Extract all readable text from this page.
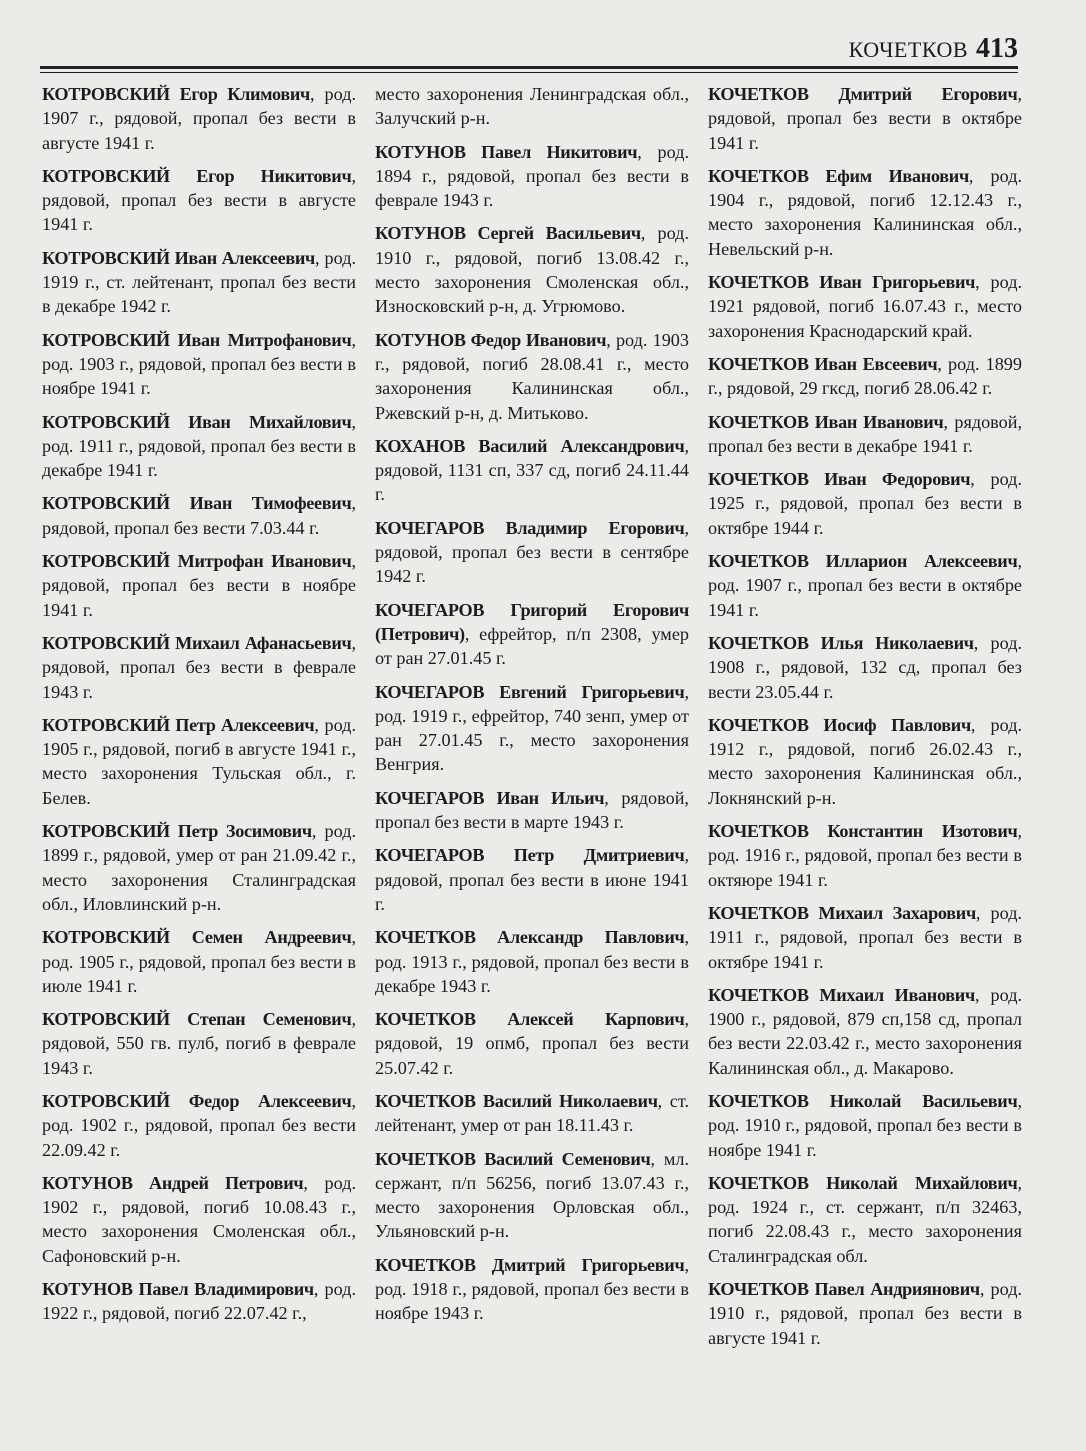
КОЧЕТКОВ 413

КОТРОВСКИЙ Егор Климович, род. 1907 г., рядовой, пропал без вести в августе 1941 г.

КОТРОВСКИЙ Егор Никитович, рядовой, пропал без вести в августе 1941 г.

КОТРОВСКИЙ Иван Алексеевич, род. 1919 г., ст. лейтенант, пропал без вести в декабре 1942 г.

КОТРОВСКИЙ Иван Митрофанович, род. 1903 г., рядовой, пропал без вести в ноябре 1941 г.

КОТРОВСКИЙ Иван Михайлович, род. 1911 г., рядовой, пропал без вести в декабре 1941 г.

КОТРОВСКИЙ Иван Тимофеевич, рядовой, пропал без вести 7.03.44 г.

КОТРОВСКИЙ Митрофан Иванович, рядовой, пропал без вести в ноябре 1941 г.

КОТРОВСКИЙ Михаил Афанасьевич, рядовой, пропал без вести в феврале 1943 г.

КОТРОВСКИЙ Петр Алексеевич, род. 1905 г., рядовой, погиб в августе 1941 г., место захоронения Тульская обл., г. Белев.

КОТРОВСКИЙ Петр Зосимович, род. 1899 г., рядовой, умер от ран 21.09.42 г., место захоронения Сталинградская обл., Иловлинский р-н.

КОТРОВСКИЙ Семен Андреевич, род. 1905 г., рядовой, пропал без вести в июле 1941 г.

КОТРОВСКИЙ Степан Семенович, рядовой, 550 гв. пулб, погиб в феврале 1943 г.

КОТРОВСКИЙ Федор Алексеевич, род. 1902 г., рядовой, пропал без вести 22.09.42 г.

КОТУНОВ Андрей Петрович, род. 1902 г., рядовой, погиб 10.08.43 г., место захоронения Смоленская обл., Сафоновский р-н.

КОТУНОВ Павел Владимирович, род. 1922 г., рядовой, погиб 22.07.42 г.,

место захоронения Ленинградская обл., Залучский р-н.

КОТУНОВ Павел Никитович, род. 1894 г., рядовой, пропал без вести в феврале 1943 г.

КОТУНОВ Сергей Васильевич, род. 1910 г., рядовой, погиб 13.08.42 г., место захоронения Смоленская обл., Износковский р-н, д. Угрюмово.

КОТУНОВ Федор Иванович, род. 1903 г., рядовой, погиб 28.08.41 г., место захоронения Калининская обл., Ржевский р-н, д. Митьково.

КОХАНОВ Василий Александрович, рядовой, 1131 сп, 337 сд, погиб 24.11.44 г.

КОЧЕГАРОВ Владимир Егорович, рядовой, пропал без вести в сентябре 1942 г.

КОЧЕГАРОВ Григорий Егорович (Петрович), ефрейтор, п/п 2308, умер от ран 27.01.45 г.

КОЧЕГАРОВ Евгений Григорьевич, род. 1919 г., ефрейтор, 740 зенп, умер от ран 27.01.45 г., место захоронения Венгрия.

КОЧЕГАРОВ Иван Ильич, рядовой, пропал без вести в марте 1943 г.

КОЧЕГАРОВ Петр Дмитриевич, рядовой, пропал без вести в июне 1941 г.

КОЧЕТКОВ Александр Павлович, род. 1913 г., рядовой, пропал без вести в декабре 1943 г.

КОЧЕТКОВ Алексей Карпович, рядовой, 19 опмб, пропал без вести 25.07.42 г.

КОЧЕТКОВ Василий Николаевич, ст. лейтенант, умер от ран 18.11.43 г.

КОЧЕТКОВ Василий Семенович, мл. сержант, п/п 56256, погиб 13.07.43 г., место захоронения Орловская обл., Ульяновский р-н.

КОЧЕТКОВ Дмитрий Григорьевич, род. 1918 г., рядовой, пропал без вести в ноябре 1943 г.

КОЧЕТКОВ Дмитрий Егорович, рядовой, пропал без вести в октябре 1941 г.

КОЧЕТКОВ Ефим Иванович, род. 1904 г., рядовой, погиб 12.12.43 г., место захоронения Калининская обл., Невельский р-н.

КОЧЕТКОВ Иван Григорьевич, род. 1921 рядовой, погиб 16.07.43 г., место захоронения Краснодарский край.

КОЧЕТКОВ Иван Евсеевич, род. 1899 г., рядовой, 29 гксд, погиб 28.06.42 г.

КОЧЕТКОВ Иван Иванович, рядовой, пропал без вести в декабре 1941 г.

КОЧЕТКОВ Иван Федорович, род. 1925 г., рядовой, пропал без вести в октябре 1944 г.

КОЧЕТКОВ Илларион Алексеевич, род. 1907 г., пропал без вести в октябре 1941 г.

КОЧЕТКОВ Илья Николаевич, род. 1908 г., рядовой, 132 сд, пропал без вести 23.05.44 г.

КОЧЕТКОВ Иосиф Павлович, род. 1912 г., рядовой, погиб 26.02.43 г., место захоронения Калининская обл., Локнянский р-н.

КОЧЕТКОВ Константин Изотович, род. 1916 г., рядовой, пропал без вести в октяюре 1941 г.

КОЧЕТКОВ Михаил Захарович, род. 1911 г., рядовой, пропал без вести в октябре 1941 г.

КОЧЕТКОВ Михаил Иванович, род. 1900 г., рядовой, 879 сп,158 сд, пропал без вести 22.03.42 г., место захоронения Калининская обл., д. Макарово.

КОЧЕТКОВ Николай Васильевич, род. 1910 г., рядовой, пропал без вести в ноябре 1941 г.

КОЧЕТКОВ Николай Михайлович, род. 1924 г., ст. сержант, п/п 32463, погиб 22.08.43 г., место захоронения Сталинградская обл.

КОЧЕТКОВ Павел Андриянович, род. 1910 г., рядовой, пропал без вести в августе 1941 г.
